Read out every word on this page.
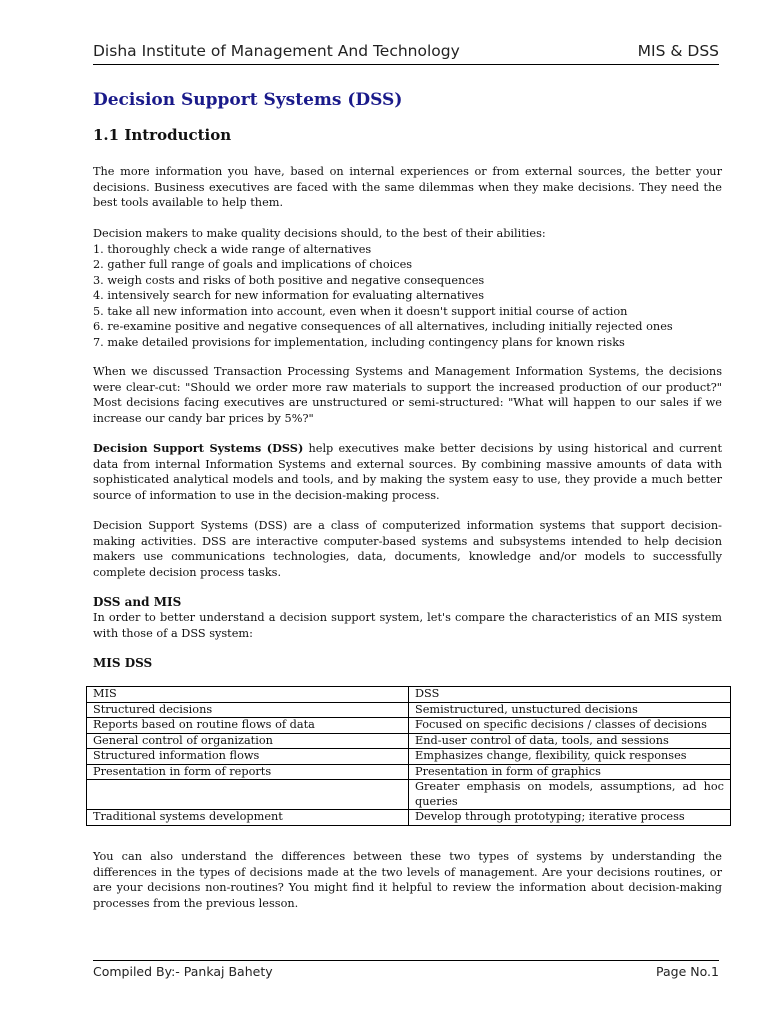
Disha Institute of Management And Technology	MIS & DSS
Decision Support Systems (DSS)
1.1 Introduction
The more information you have, based on internal experiences or from external sources, the better your decisions. Business executives are faced with the same dilemmas when they make decisions. They need the best tools available to help them.
Decision makers to make quality decisions should, to the best of their abilities:
1. thoroughly check a wide range of alternatives
2. gather full range of goals and implications of choices
3. weigh costs and risks of both positive and negative consequences
4. intensively search for new information for evaluating alternatives
5. take all new information into account, even when it doesn't support initial course of action
6. re-examine positive and negative consequences of all alternatives, including initially rejected ones
7. make detailed provisions for implementation, including contingency plans for known risks
When we discussed Transaction Processing Systems and Management Information Systems, the decisions were clear-cut: "Should we order more raw materials to support the increased production of our product?" Most decisions facing executives are unstructured or semi-structured: "What will happen to our sales if we increase our candy bar prices by 5%?"
Decision Support Systems (DSS) help executives make better decisions by using historical and current data from internal Information Systems and external sources. By combining massive amounts of data with sophisticated analytical models and tools, and by making the system easy to use, they provide a much better source of information to use in the decision-making process.
Decision Support Systems (DSS) are a class of computerized information systems that support decision-making activities. DSS are interactive computer-based systems and subsystems intended to help decision makers use communications technologies, data, documents, knowledge and/or models to successfully complete decision process tasks.
DSS and MIS
In order to better understand a decision support system, let's compare the characteristics of an MIS system with those of a DSS system:
MIS DSS
MIS	DSS
Structured decisions	Semistructured, unstuctured decisions
Reports based on routine flows of data	Focused on specific decisions / classes of decisions
General control of organization	End-user control of data, tools, and sessions
Structured information flows	Emphasizes change, flexibility, quick responses
Presentation in form of reports	Presentation in form of graphics
	Greater emphasis on models, assumptions, ad hoc queries
Traditional systems development	Develop through prototyping; iterative process
You can also understand the differences between these two types of systems by understanding the differences in the types of decisions made at the two levels of management. Are your decisions routines, or are your decisions non-routines? You might find it helpful to review the information about decision-making processes from the previous lesson.
Compiled By:- Pankaj Bahety	Page No.1
